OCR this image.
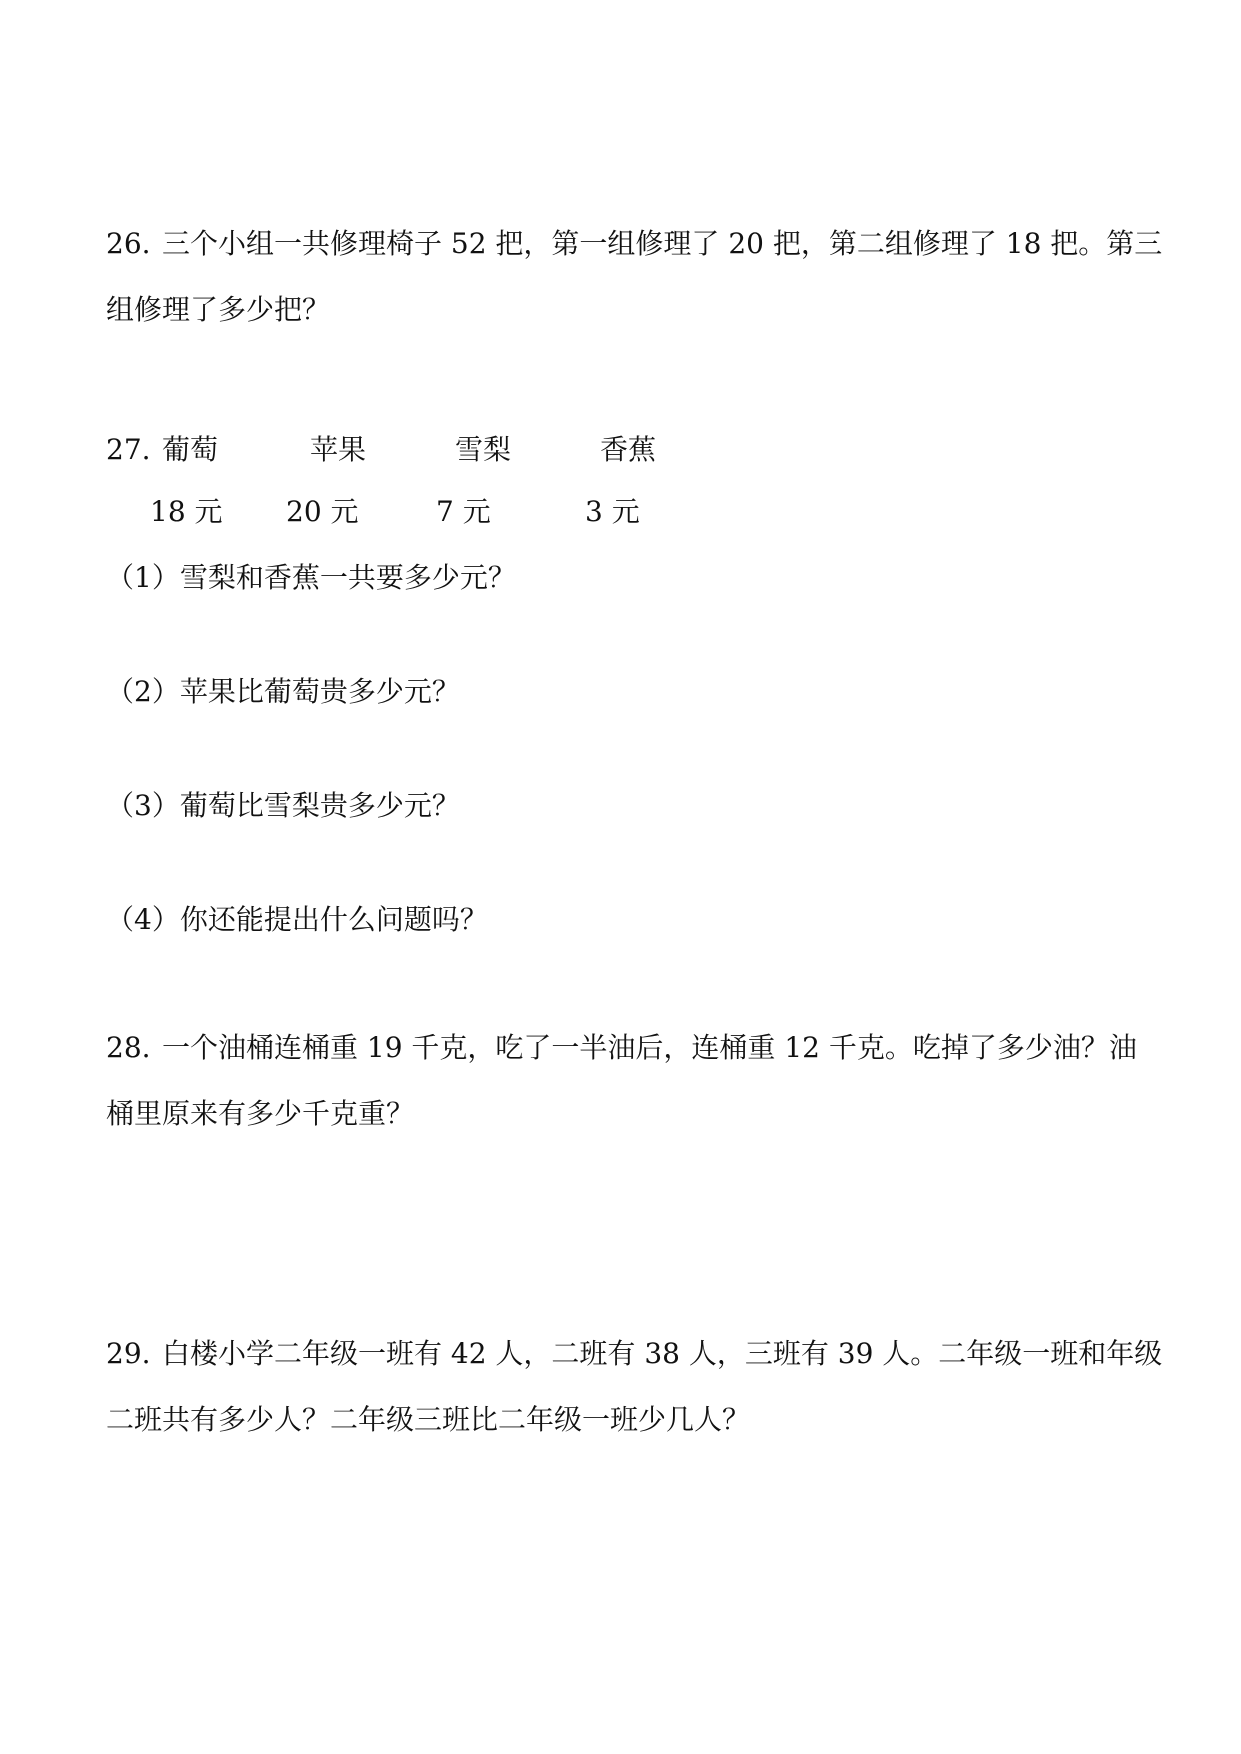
26. 三个小组一共修理椅子 52 把，第一组修理了 20 把，第二组修理了 18 把。第三
组修理了多少把？
27. 葡萄	苹果	雪梨	香蕉
18 元 20 元	7 元	3 元
（1）雪梨和香蕉一共要多少元？
（2）苹果比葡萄贵多少元？
（3）葡萄比雪梨贵多少元？
（4）你还能提出什么问题吗？
28. 一个油桶连桶重 19 千克，吃了一半油后，连桶重 12 千克。吃掉了多少油？油
桶里原来有多少千克重？
29. 白楼小学二年级一班有 42 人，二班有 38 人，三班有 39 人。二年级一班和年级
二班共有多少人？二年级三班比二年级一班少几人？
